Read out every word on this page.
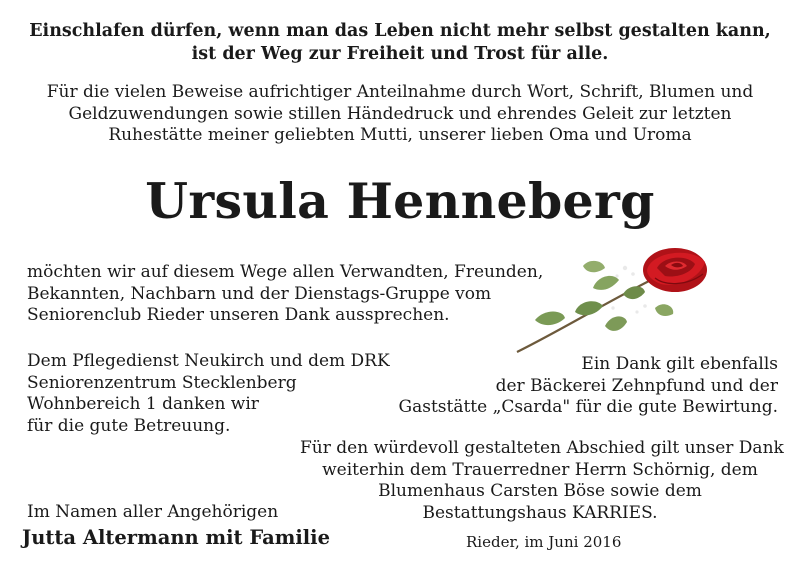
Einschlafen dürfen, wenn man das Leben nicht mehr selbst gestalten kann,
ist der Weg zur Freiheit und Trost für alle.
Für die vielen Beweise aufrichtiger Anteilnahme durch Wort, Schrift, Blumen und
Geldzuwendungen sowie stillen Händedruck und ehrendes Geleit zur letzten
Ruhestätte meiner geliebten Mutti, unserer lieben Oma und Uroma
Ursula Henneberg
möchten wir auf diesem Wege allen Verwandten, Freunden,
Bekannten, Nachbarn und der Dienstags-Gruppe vom
Seniorenclub Rieder unseren Dank aussprechen.
Dem Pflegedienst Neukirch und dem DRK
Seniorenzentrum Stecklenberg
Wohnbereich 1 danken wir
für die gute Betreuung.
Ein Dank gilt ebenfalls
der Bäckerei Zehnpfund und der
Gaststätte „Csarda" für die gute Bewirtung.
Für den würdevoll gestalteten Abschied gilt unser Dank
weiterhin dem Trauerredner Herrn Schörnig, dem
Blumenhaus Carsten Böse sowie dem
Bestattungshaus KARRIES.
Im Namen aller Angehörigen
Jutta Altermann mit Familie	Rieder, im Juni 2016
